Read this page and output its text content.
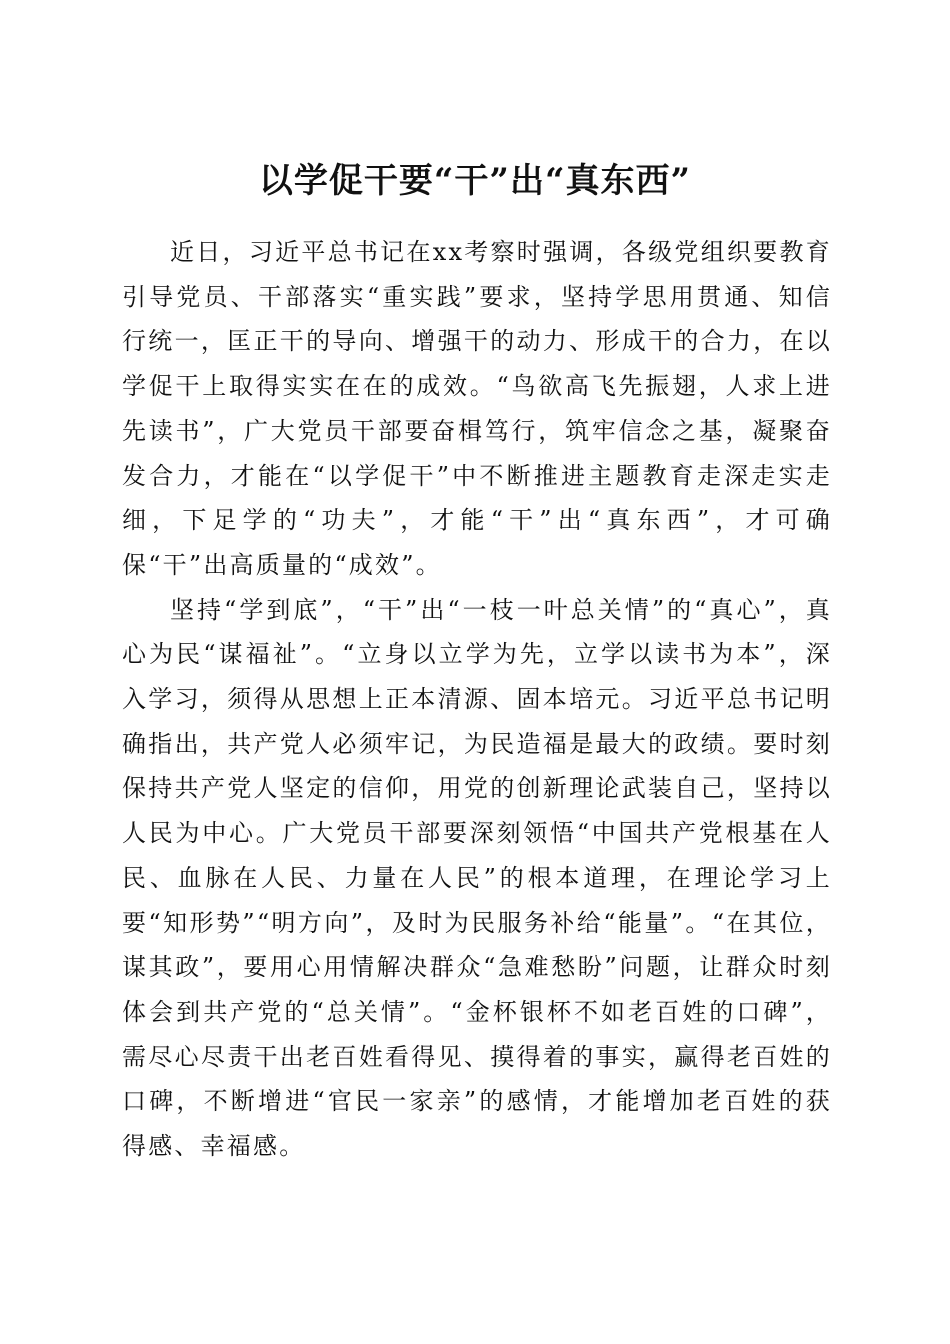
以学促干要“干”出“真东西”

近日，习近平总书记在xx考察时强调，各级党组织要教育引导党员、干部落实“重实践”要求，坚持学思用贯通、知信行统一，匡正干的导向、增强干的动力、形成干的合力，在以学促干上取得实实在在的成效。“鸟欲高飞先振翅，人求上进先读书”，广大党员干部要奋楫笃行，筑牢信念之基，凝聚奋发合力，才能在“以学促干”中不断推进主题教育走深走实走细，下足学的“功夫”，才能“干”出“真东西”，才可确保“干”出高质量的“成效”。

坚持“学到底”，“干”出“一枝一叶总关情”的“真心”，真心为民“谋福祉”。“立身以立学为先，立学以读书为本”，深入学习，须得从思想上正本清源、固本培元。习近平总书记明确指出，共产党人必须牢记，为民造福是最大的政绩。要时刻保持共产党人坚定的信仰，用党的创新理论武装自己，坚持以人民为中心。广大党员干部要深刻领悟“中国共产党根基在人民、血脉在人民、力量在人民”的根本道理，在理论学习上要“知形势”“明方向”，及时为民服务补给“能量”。“在其位，谋其政”，要用心用情解决群众“急难愁盼”问题，让群众时刻体会到共产党的“总关情”。“金杯银杯不如老百姓的口碑”，需尽心尽责干出老百姓看得见、摸得着的事实，赢得老百姓的口碑，不断增进“官民一家亲”的感情，才能增加老百姓的获得感、幸福感。
